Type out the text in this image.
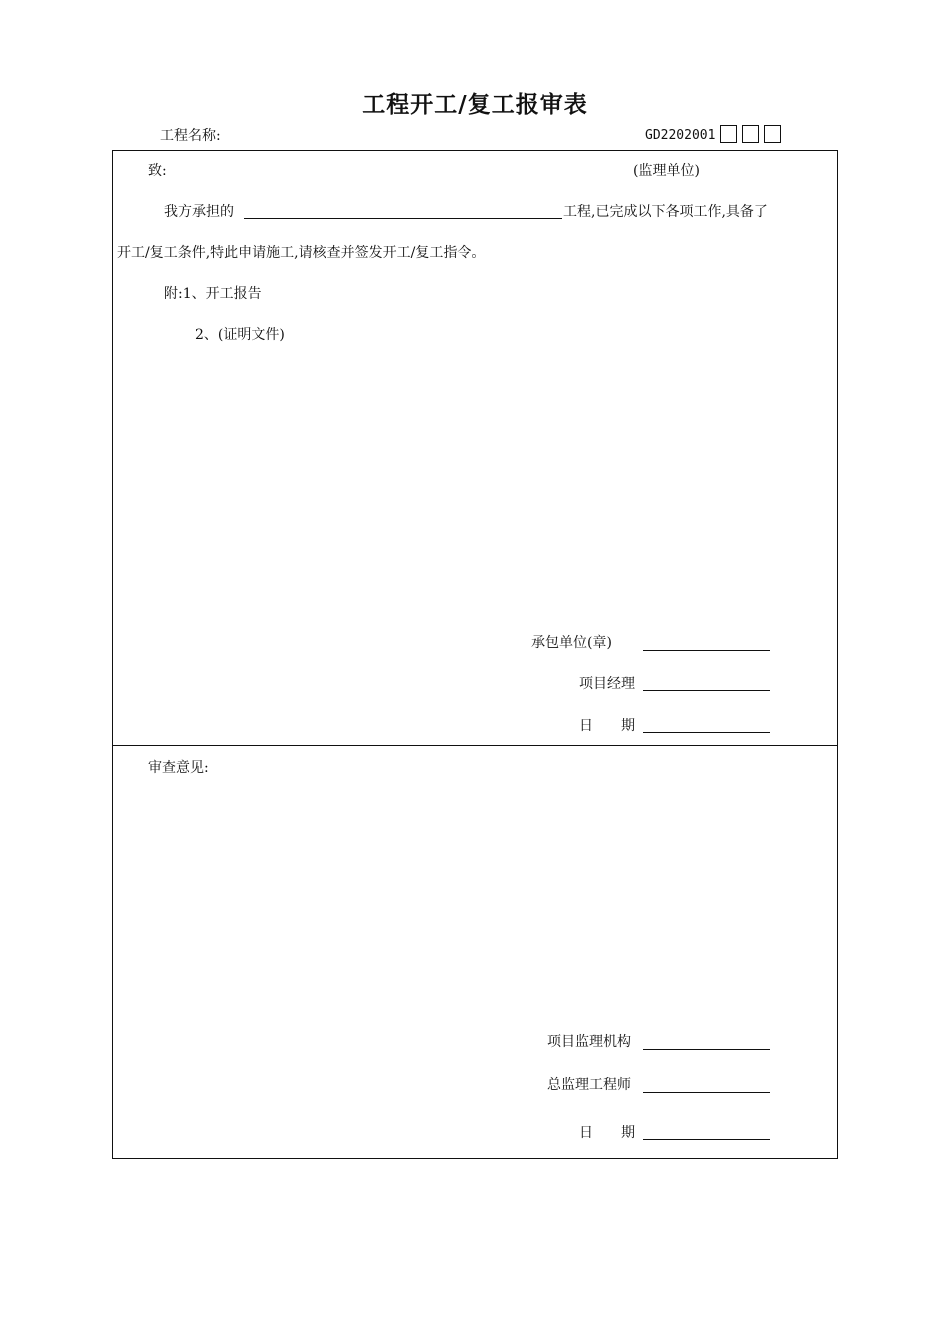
工程开工/复工报审表
工程名称:	GD2202001
致:	(监理单位)
我方承担的	工程,已完成以下各项工作,具备了
开工/复工条件,特此申请施工,请核查并签发开工/复工指令。
附:1、开工报告
2、(证明文件)
承包单位(章)
项目经理
日　　期
审查意见:
项目监理机构
总监理工程师
日　　期
